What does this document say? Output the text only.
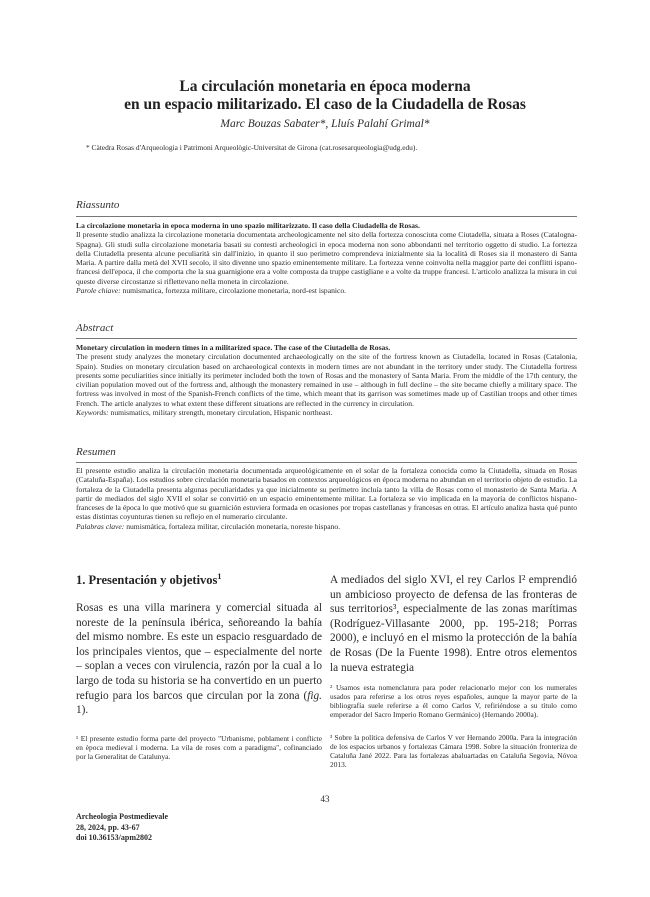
La circulación monetaria en época moderna
en un espacio militarizado. El caso de la Ciudadella de Rosas
Marc Bouzas Sabater*, Lluís Palahí Grimal*
* Càtedra Rosas d'Arqueologia i Patrimoni Arqueològic-Universitat de Girona (cat.rosesarqueologia@udg.edu).
Riassunto

La circolazione monetaria in epoca moderna in uno spazio militarizzato. Il caso della Ciudadella de Rosas.

Il presente studio analizza la circolazione monetaria documentata archeologicamente nel sito della fortezza conosciuta come Ciutadella, situata a Roses (Catalogna-Spagna). Gli studi sulla circolazione monetaria basati su contesti archeologici in epoca moderna non sono abbondanti nel territorio oggetto di studio. La fortezza della Ciutadella presenta alcune peculiarità sin dall'inizio, in quanto il suo perimetro comprendeva inizialmente sia la località di Roses sia il monastero di Santa Maria. A partire dalla metà del XVII secolo, il sito divenne uno spazio eminentemente militare. La fortezza venne coinvolta nella maggior parte dei conflitti ispano-francesi dell'epoca, il che comporta che la sua guarnigione era a volte composta da truppe castigliane e a volte da truppe francesi. L'articolo analizza la misura in cui queste diverse circostanze si riflettevano nella moneta in circolazione.

Parole chiave: numismatica, fortezza militare, circolazione monetaria, nord-est ispanico.

Abstract

Monetary circulation in modern times in a militarized space. The case of the Ciutadella de Rosas.

The present study analyzes the monetary circulation documented archaeologically on the site of the fortress known as Ciutadella, located in Rosas (Catalonia, Spain). Studies on monetary circulation based on archaeological contexts in modern times are not abundant in the territory under study. The Ciutadella fortress presents some peculiarities since initially its perimeter included both the town of Rosas and the monastery of Santa Maria. From the middle of the 17th century, the civilian population moved out of the fortress and, although the monastery remained in use – although in full decline – the site became chiefly a military space. The fortress was involved in most of the Spanish-French conflicts of the time, which meant that its garrison was sometimes made up of Castilian troops and other times French. The article analyzes to what extent these different situations are reflected in the currency in circulation.

Keywords: numismatics, military strength, monetary circulation, Hispanic northeast.

Resumen

El presente estudio analiza la circulación monetaria documentada arqueológicamente en el solar de la fortaleza conocida como la Ciutadella, situada en Rosas (Cataluña-España). Los estudios sobre circulación monetaria basados en contextos arqueológicos en época moderna no abundan en el territorio objeto de estudio. La fortaleza de la Ciutadella presenta algunas peculiaridades ya que inicialmente su perímetro incluía tanto la villa de Rosas como el monasterio de Santa Maria. A partir de mediados del siglo XVII el solar se convirtió en un espacio eminentemente militar. La fortaleza se vio implicada en la mayoría de conflictos hispano-franceses de la época lo que motivó que su guarnición estuviera formada en ocasiones por tropas castellanas y francesas en otras. El artículo analiza hasta qué punto estas distintas coyunturas tienen su reflejo en el numerario circulante.

Palabras clave: numismática, fortaleza militar, circulación monetaria, noreste hispano.

1. Presentación y objetivos$^1$
Rosas es una villa marinera y comercial situada al noreste de la península ibérica, señoreando la bahía del mismo nombre. Es este un espacio resguardado de los principales vientos, que – especialmente del norte – soplan a veces con virulencia, razón por la cual a lo largo de toda su historia se ha convertido en un puerto refugio para los barcos que circulan por la zona (fig. 1).
A mediados del siglo XVI, el rey Carlos I² emprendió un ambicioso proyecto de defensa de las fronteras de sus territorios³, especialmente de las zonas marítimas (Rodríguez-Villasante 2000, pp. 195-218; Porras 2000), e incluyó en el mismo la protección de la bahía de Rosas (De la Fuente 1998). Entre otros elementos la nueva estrategia
¹ El presente estudio forma parte del proyecto "Urbanisme, poblament i conflicte en època medieval i moderna. La vila de roses com a paradigma", cofinanciado por la Generalitat de Catalunya.
² Usamos esta nomenclatura para poder relacionarlo mejor con los numerales usados para referirse a los otros reyes españoles, aunque la mayor parte de la bibliografía suele referirse a él como Carlos V, refiriéndose a su título como emperador del Sacro Imperio Romano Germánico) (Hernando 2000a).
³ Sobre la política defensiva de Carlos V ver Hernando 2000a. Para la integración de los espacios urbanos y fortalezas Cámara 1998. Sobre la situación fronteriza de Cataluña Jané 2022. Para las fortalezas abaluartadas en Cataluña Segovia, Nóvoa 2013.
43
Archeologia Postmedievale
28, 2024, pp. 43-67
doi 10.36153/apm2802
